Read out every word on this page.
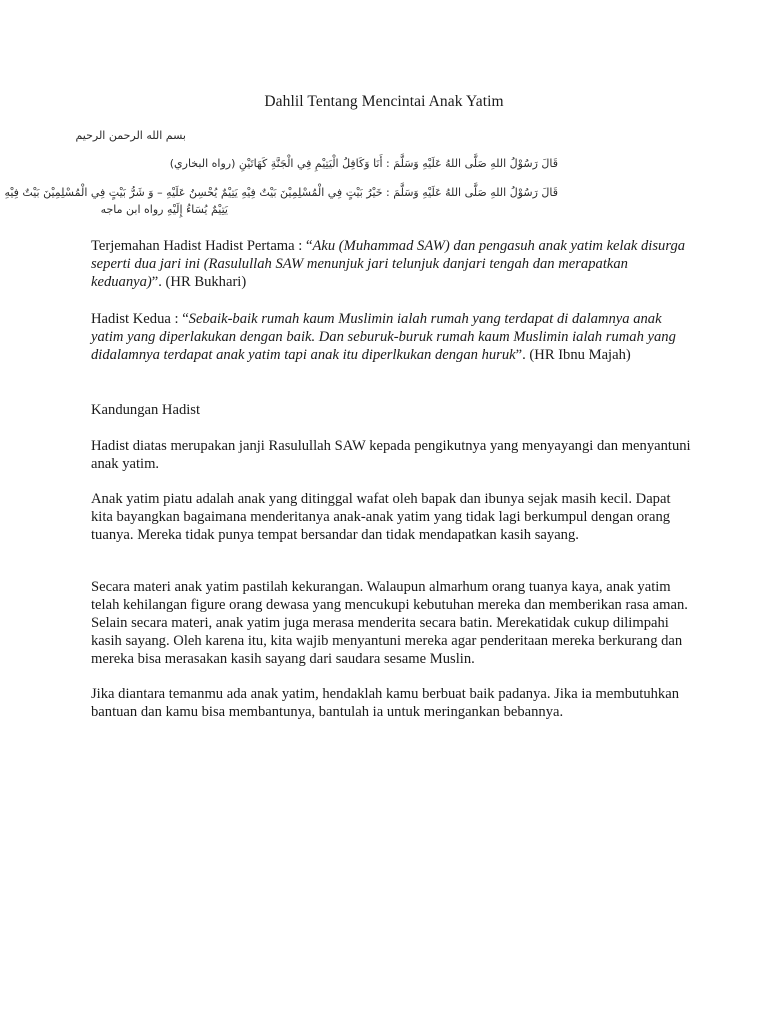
Dahlil Tentang Mencintai Anak Yatim
بسم الله الرحمن الرحيم
قَالَ رَسُوْلُ اللهِ صَلَّى اللهُ عَلَيْهِ وَسَلَّمَ : أَنَا وَكَافِلُ الْيَتِيْمِ فِي الْجَنَّةِ كَهَاتَيْنِ (رواه البخاري)
قَالَ رَسُوْلُ اللهِ صَلَّى اللهُ عَلَيْهِ وَسَلَّمَ : خَيْرُ بَيْتٍ فِي الْمُسْلِمِيْنَ بَيْتٌ فِيْهِ يَتِيْمٌ يُحْسِنُ عَلَيْهِ – وَ شَرُّ بَيْتٍ فِي الْمُسْلِمِيْنَ بَيْتٌ فِيْهِ
يَتِيْمٌ يُسَاءُ إِلَيْهِ رواه ابن ماجه

Terjemahan Hadist Hadist Pertama : “Aku (Muhammad SAW) dan pengasuh anak yatim kelak disurga seperti dua jari ini (Rasulullah SAW menunjuk jari telunjuk danjari tengah dan merapatkan keduanya)”. (HR Bukhari)

Hadist Kedua : “Sebaik-baik rumah kaum Muslimin ialah rumah yang terdapat di dalamnya anak yatim yang diperlakukan dengan baik. Dan seburuk-buruk rumah kaum Muslimin ialah rumah yang didalamnya terdapat anak yatim tapi anak itu diperlkukan dengan huruk”. (HR Ibnu Majah)

Kandungan Hadist

Hadist diatas merupakan janji Rasulullah SAW kepada pengikutnya yang menyayangi dan menyantuni anak yatim.

Anak yatim piatu adalah anak yang ditinggal wafat oleh bapak dan ibunya sejak masih kecil. Dapat kita bayangkan bagaimana menderitanya anak-anak yatim yang tidak lagi berkumpul dengan orang tuanya. Mereka tidak punya tempat bersandar dan tidak mendapatkan kasih sayang.

Secara materi anak yatim pastilah kekurangan. Walaupun almarhum orang tuanya kaya, anak yatim telah kehilangan figure orang dewasa yang mencukupi kebutuhan mereka dan memberikan rasa aman. Selain secara materi, anak yatim juga merasa menderita secara batin. Merekatidak cukup dilimpahi kasih sayang. Oleh karena itu, kita wajib menyantuni mereka agar penderitaan mereka berkurang dan mereka bisa merasakan kasih sayang dari saudara sesame Muslin.

Jika diantara temanmu ada anak yatim, hendaklah kamu berbuat baik padanya. Jika ia membutuhkan bantuan dan kamu bisa membantunya, bantulah ia untuk meringankan bebannya.
